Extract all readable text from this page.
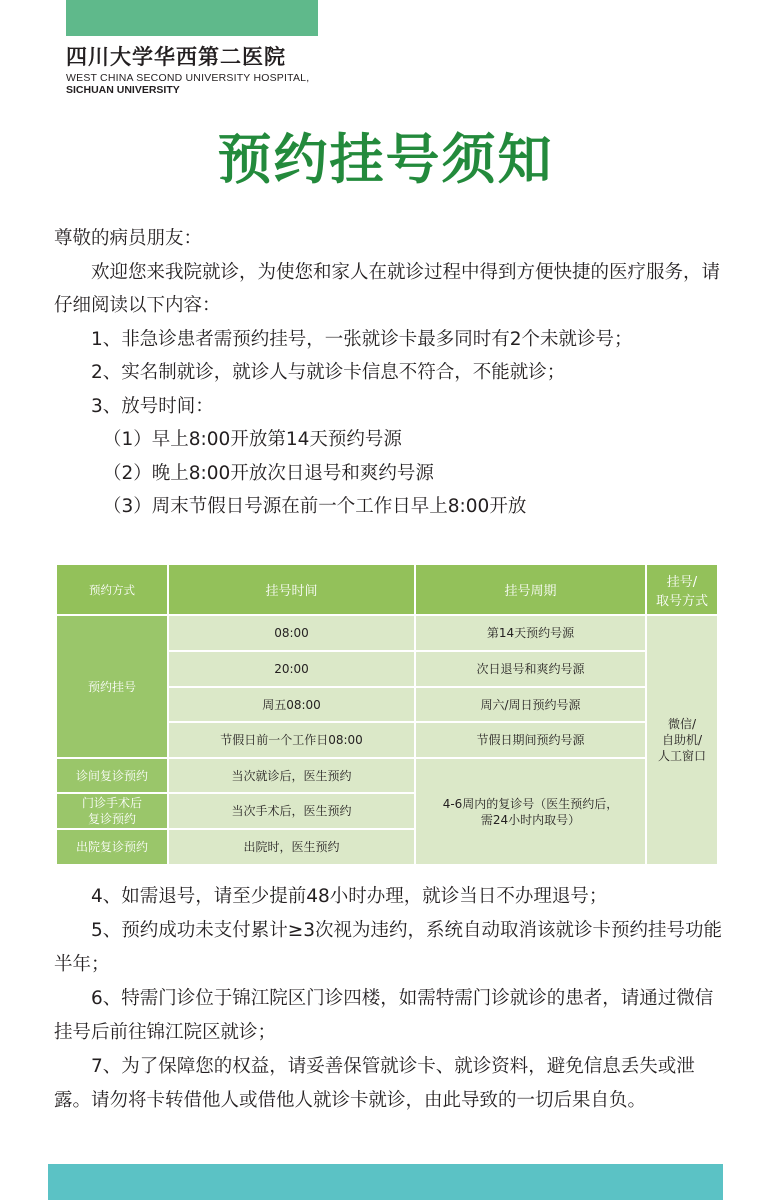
四川大学华西第二医院
WEST CHINA SECOND UNIVERSITY HOSPITAL,
SICHUAN UNIVERSITY
预约挂号须知

尊敬的病员朋友：

欢迎您来我院就诊，为使您和家人在就诊过程中得到方便快捷的医疗服务，请仔细阅读以下内容：

1、非急诊患者需预约挂号，一张就诊卡最多同时有2个未就诊号；

2、实名制就诊，就诊人与就诊卡信息不符合，不能就诊；

3、放号时间：

（1）早上8:00开放第14天预约号源

（2）晚上8:00开放次日退号和爽约号源

（3）周末节假日号源在前一个工作日早上8:00开放

预约方式	挂号时间	挂号周期	挂号/
取号方式
预约挂号	08:00	第14天预约号源	微信/
自助机/
人工窗口
	20:00	次日退号和爽约号源	
	周五08:00	周六/周日预约号源	
	节假日前一个工作日08:00	节假日期间预约号源	
诊间复诊预约	当次就诊后，医生预约	4-6周内的复诊号（医生预约后，
需24小时内取号）	
门诊手术后
复诊预约	当次手术后，医生预约		
出院复诊预约	出院时，医生预约		

4、如需退号，请至少提前48小时办理，就诊当日不办理退号；

5、预约成功未支付累计≥3次视为违约，系统自动取消该就诊卡预约挂号功能半年；

6、特需门诊位于锦江院区门诊四楼，如需特需门诊就诊的患者，请通过微信挂号后前往锦江院区就诊；

7、为了保障您的权益，请妥善保管就诊卡、就诊资料，避免信息丢失或泄露。请勿将卡转借他人或借他人就诊卡就诊，由此导致的一切后果自负。
